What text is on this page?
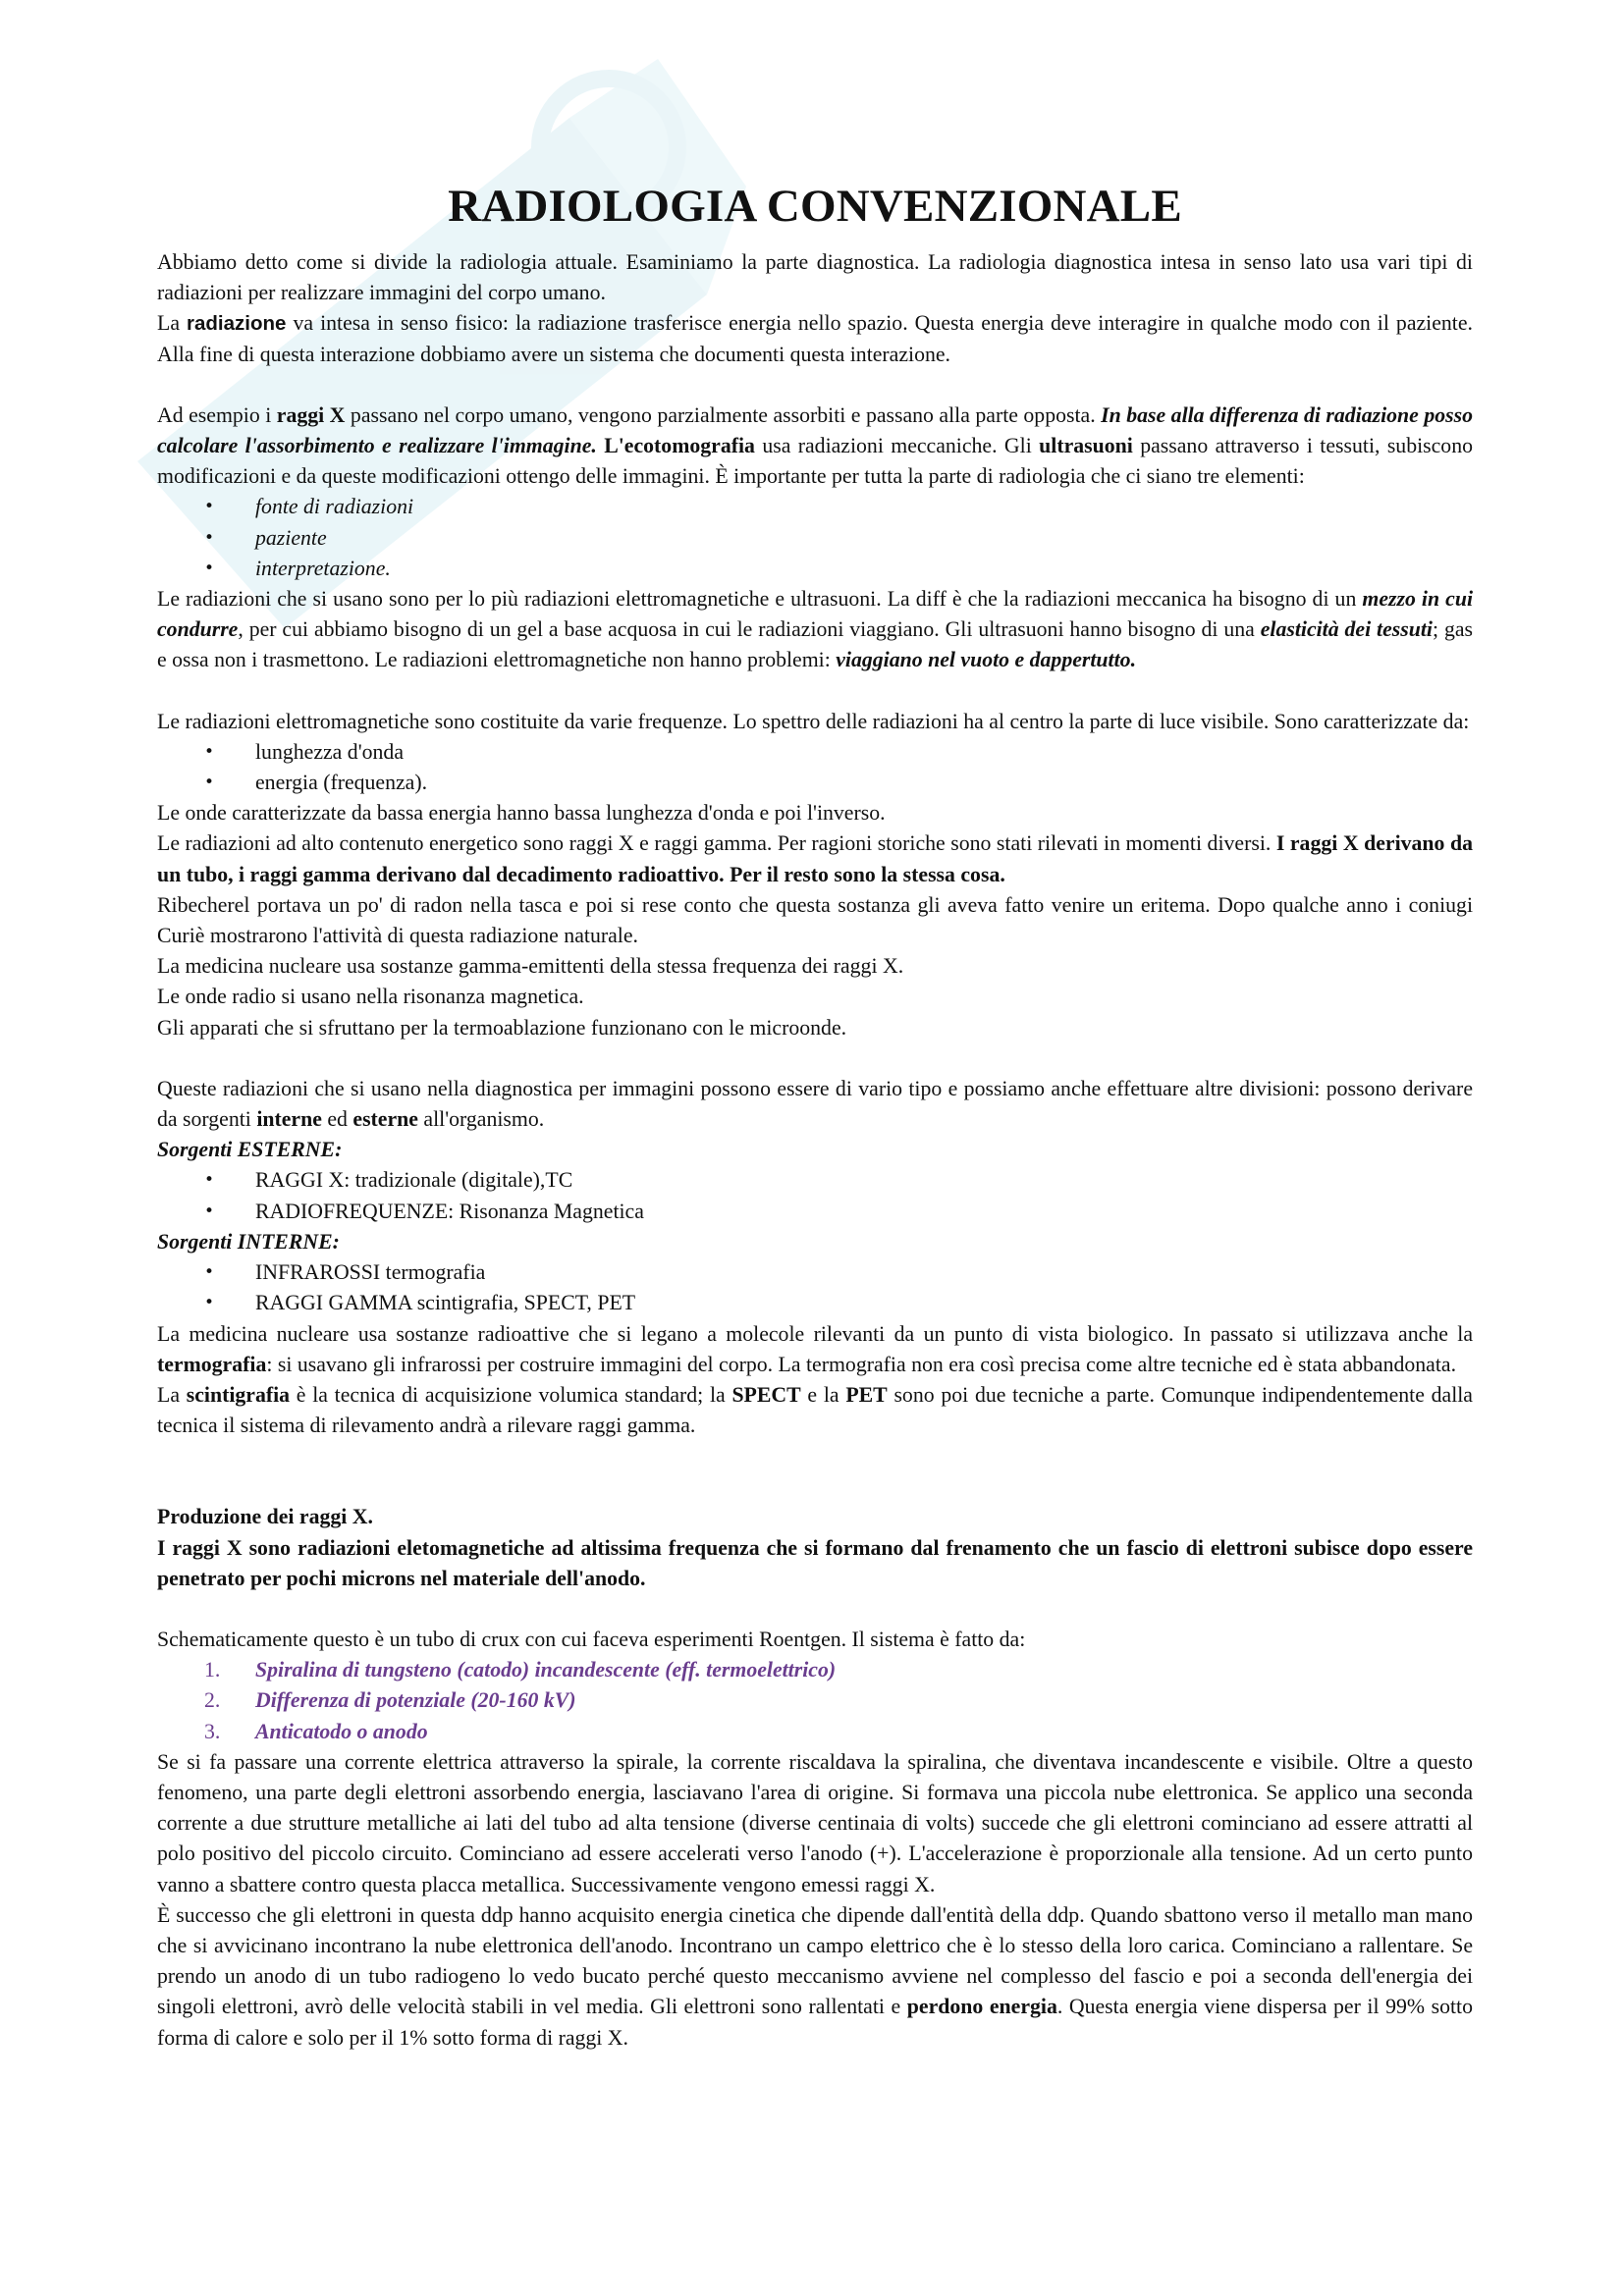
RADIOLOGIA CONVENZIONALE

Abbiamo detto come si divide la radiologia attuale. Esaminiamo la parte diagnostica. La radiologia diagnostica intesa in senso lato usa vari tipi di radiazioni per realizzare immagini del corpo umano.

La radiazione va intesa in senso fisico: la radiazione trasferisce energia nello spazio. Questa energia deve interagire in qualche modo con il paziente. Alla fine di questa interazione dobbiamo avere un sistema che documenti questa interazione.

Ad esempio i raggi X passano nel corpo umano, vengono parzialmente assorbiti e passano alla parte opposta. In base alla differenza di radiazione posso calcolare l'assorbimento e realizzare l'immagine. L'ecotomografia usa radiazioni meccaniche. Gli ultrasuoni passano attraverso i tessuti, subiscono modificazioni e da queste modificazioni ottengo delle immagini. È importante per tutta la parte di radiologia che ci siano tre elementi:

• fonte di radiazioni
• paziente
• interpretazione.

Le radiazioni che si usano sono per lo più radiazioni elettromagnetiche e ultrasuoni. La diff è che la radiazioni meccanica ha bisogno di un mezzo in cui condurre, per cui abbiamo bisogno di un gel a base acquosa in cui le radiazioni viaggiano. Gli ultrasuoni hanno bisogno di una elasticità dei tessuti; gas e ossa non i trasmettono. Le radiazioni elettromagnetiche non hanno problemi: viaggiano nel vuoto e dappertutto.

Le radiazioni elettromagnetiche sono costituite da varie frequenze. Lo spettro delle radiazioni ha al centro la parte di luce visibile. Sono caratterizzate da:

• lunghezza d'onda
• energia (frequenza).

Le onde caratterizzate da bassa energia hanno bassa lunghezza d'onda e poi l'inverso.

Le radiazioni ad alto contenuto energetico sono raggi X e raggi gamma. Per ragioni storiche sono stati rilevati in momenti diversi. I raggi X derivano da un tubo, i raggi gamma derivano dal decadimento radioattivo. Per il resto sono la stessa cosa.

Ribecherel portava un po' di radon nella tasca e poi si rese conto che questa sostanza gli aveva fatto venire un eritema. Dopo qualche anno i coniugi Curiè mostrarono l'attività di questa radiazione naturale.

La medicina nucleare usa sostanze gamma-emittenti della stessa frequenza dei raggi X.

Le onde radio si usano nella risonanza magnetica.

Gli apparati che si sfruttano per la termoablazione funzionano con le microonde.

Queste radiazioni che si usano nella diagnostica per immagini possono essere di vario tipo e possiamo anche effettuare altre divisioni: possono derivare da sorgenti interne ed esterne all'organismo.

Sorgenti ESTERNE:

• RAGGI X: tradizionale (digitale),TC
• RADIOFREQUENZE: Risonanza Magnetica

Sorgenti INTERNE:

• INFRAROSSI termografia
• RAGGI GAMMA scintigrafia, SPECT, PET

La medicina nucleare usa sostanze radioattive che si legano a molecole rilevanti da un punto di vista biologico. In passato si utilizzava anche la termografia: si usavano gli infrarossi per costruire immagini del corpo. La termografia non era così precisa come altre tecniche ed è stata abbandonata.

La scintigrafia è la tecnica di acquisizione volumica standard; la SPECT e la PET sono poi due tecniche a parte. Comunque indipendentemente dalla tecnica il sistema di rilevamento andrà a rilevare raggi gamma.

Produzione dei raggi X.

I raggi X sono radiazioni eletomagnetiche ad altissima frequenza che si formano dal frenamento che un fascio di elettroni subisce dopo essere penetrato per pochi microns nel materiale dell'anodo.

Schematicamente questo è un tubo di crux con cui faceva esperimenti Roentgen. Il sistema è fatto da:

1. Spiralina di tungsteno (catodo) incandescente (eff. termoelettrico)
2. Differenza di potenziale (20-160 kV)
3. Anticatodo o anodo

Se si fa passare una corrente elettrica attraverso la spirale, la corrente riscaldava la spiralina, che diventava incandescente e visibile. Oltre a questo fenomeno, una parte degli elettroni assorbendo energia, lasciavano l'area di origine. Si formava una piccola nube elettronica. Se applico una seconda corrente a due strutture metalliche ai lati del tubo ad alta tensione (diverse centinaia di volts) succede che gli elettroni cominciano ad essere attratti al polo positivo del piccolo circuito. Cominciano ad essere accelerati verso l'anodo (+). L'accelerazione è proporzionale alla tensione. Ad un certo punto vanno a sbattere contro questa placca metallica. Successivamente vengono emessi raggi X.

È successo che gli elettroni in questa ddp hanno acquisito energia cinetica che dipende dall'entità della ddp. Quando sbattono verso il metallo man mano che si avvicinano incontrano la nube elettronica dell'anodo. Incontrano un campo elettrico che è lo stesso della loro carica. Cominciano a rallentare. Se prendo un anodo di un tubo radiogeno lo vedo bucato perché questo meccanismo avviene nel complesso del fascio e poi a seconda dell'energia dei singoli elettroni, avrò delle velocità stabili in vel media. Gli elettroni sono rallentati e perdono energia. Questa energia viene dispersa per il 99% sotto forma di calore e solo per il 1% sotto forma di raggi X.
